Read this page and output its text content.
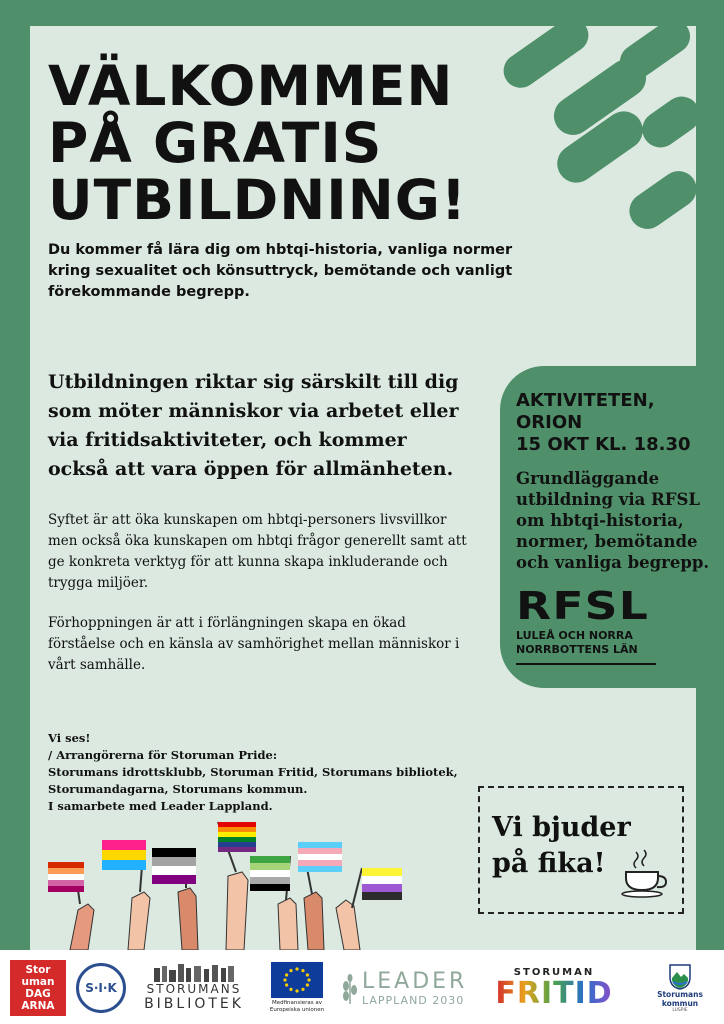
VÄLKOMMEN
PÅ GRATIS
UTBILDNING!

Du kommer få lära dig om hbtqi-historia, vanliga normer kring sexualitet och könsuttryck, bemötande och vanligt förekommande begrepp.

Utbildningen riktar sig särskilt till dig som möter människor via arbetet eller via fritidsaktiviteter, och kommer också att vara öppen för allmänheten.

Syftet är att öka kunskapen om hbtqi-personers livsvillkor men också öka kunskapen om hbtqi frågor generellt samt att ge konkreta verktyg för att kunna skapa inkluderande och trygga miljöer.

Förhoppningen är att i förlängningen skapa en ökad förståelse och en känsla av samhörighet mellan människor i vårt samhälle.

Vi ses!
/ Arrangörerna för Storuman Pride:
Storumans idrottsklubb, Storuman Fritid, Storumans bibliotek,
Storumandagarna, Storumans kommun.
I samarbete med Leader Lappland.
AKTIVITETEN,
ORION
15 OKT KL. 18.30
Grundläggande utbildning via RFSL om hbtqi-historia, normer, bemötande och vanliga begrepp.
RFSL
LULEÅ OCH NORRA
NORRBOTTENS LÄN
Vi bjuder
på fika!
Stor
uman
DAG
ARNA
S·I·K	STORUMANS
BIBLIOTEK	Medfinansieras av
Europeiska unionen
LEADER
LAPPLAND 2030
STORUMAN
FRITID	Storumans
kommun
LUSPIE
